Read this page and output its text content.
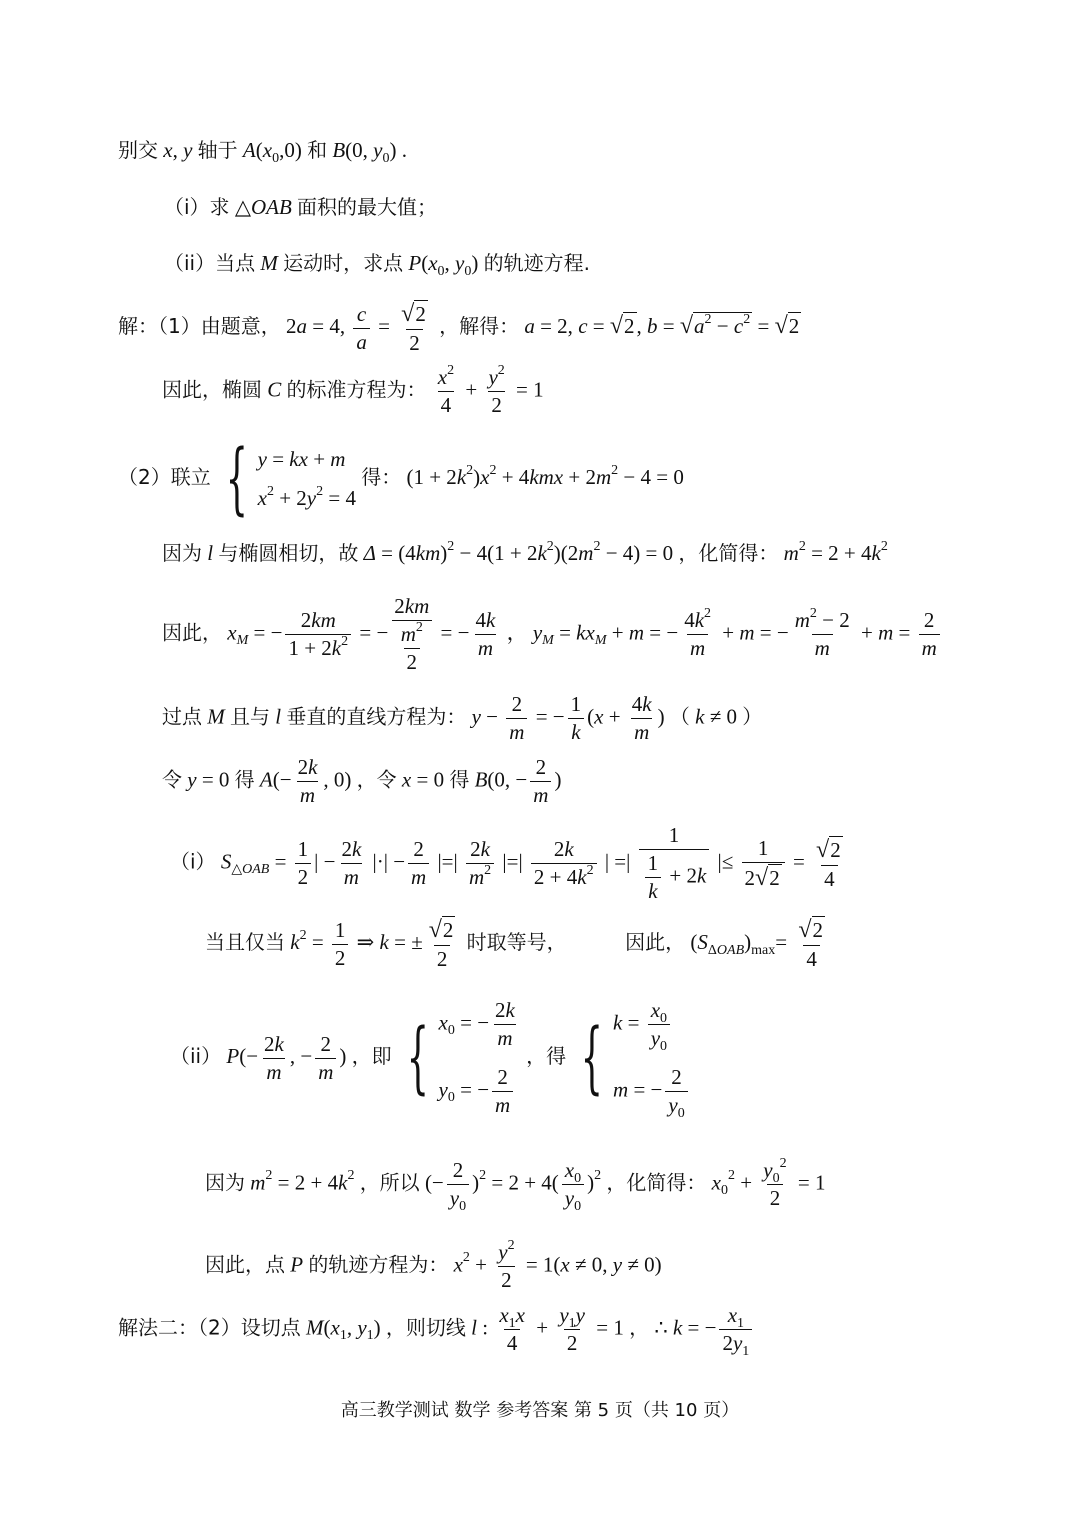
别交 x, y 轴于 $A(x_0,0)$ 和 B(0, $y_0$) .
（i）求 △OAB 面积的最大值；
（ii）当点 M 运动时，求点 $P(x_0$, $y_0$) 的轨迹方程.
解：（1）由题意， 2a = 4, $\frac{c}{a} = \frac{√2}{2}$ ，解得： a = 2, c = √2, $b = √a^2 - c^2 = √2$
因此，椭圆 C 的标准方程为： $\frac{x^2}{4} + \frac{y^2}{2} = 1$
（2）联立 { y = kx + m
$x^2 + 2y^2 = 4$
得： $(1 + 2k^2)x^2 + 4kmx + 2m^2 - 4 = 0$
因为 l 与椭圆相切，故 $\Delta = (4km)^2 - 4(1 + 2k^2)(2m^2 - 4) = 0$ ，化简得： $m^2 = 2 + 4k^2$
因此， $x_M$ = − $\frac{2km}{1 + 2k^2}$ = − $\frac{2km}{\frac{m^2}{2}}$ = − $\frac{4k}{m}$ ， $y_M = kx_M + m$ = − $\frac{4k^2}{m} + m$ = − $\frac{m^2 - 2}{m} + m = \frac{2}{m}$
过点 M 且与 l 垂直的直线方程为： $y - \frac{2}{m}$ = − $\frac{1}{k} (x + \frac{4k}{m}$ ) （ k ≠ 0 ）
令 y = 0 得 $A(- \frac{2k}{m}$ , 0) ，令 x = 0 得 B(0, − $\frac{2}{m}$ )
（i） $S_{\triangle OAB} = \frac{1}{2}$ | − $\frac{2k}{m}$ |·| − $\frac{2}{m}$ |=| $\frac{2k}{m^2}$ |=| $\frac{2k}{2 + 4k^2}$ | =| $\frac{1}{\frac{1}{k} + 2k}$ |≤ $\frac{1}{2√2} = \frac{√2}{4}$
当且仅当 $k^2 = \frac{1}{2}$ ⇒ k = ± $\frac{√2}{2}$ 时取等号，	因此， $(S_{\Delta OAB})_{max}= \frac{√2}{4}$
（ii） $P(- \frac{2k}{m}$ , − $\frac{2}{m}$ ) ，即 { $x_0$ = − $\frac{2k}{m}$
$y_0$ = − $\frac{2}{m}$
，得 { $k = \frac{x_0}{y_0}$
m = − $\frac{2}{y_0}$
因为 $m^2 = 2 + 4k^2$ ，所以 (− $\frac{2}{y_0} )^2 = 2 + 4( \frac{x_0}{y_0} )^2$ ，化简得： $x_0^2 + \frac{y_0^2}{2} = 1$
因此，点 P 的轨迹方程为： $x^2 + \frac{y^2}{2} = 1(x \ne 0$, y ≠ 0)
解法二：（2）设切点 $M(x_1$, $y_1$) ，则切线 l : $\frac{x_1x}{4} + \frac{y_1y}{2} = 1$ ， ∴ k = − $\frac{x_1}{2y_1}$
高三教学测试 数学 参考答案 第 5 页（共 10 页）
